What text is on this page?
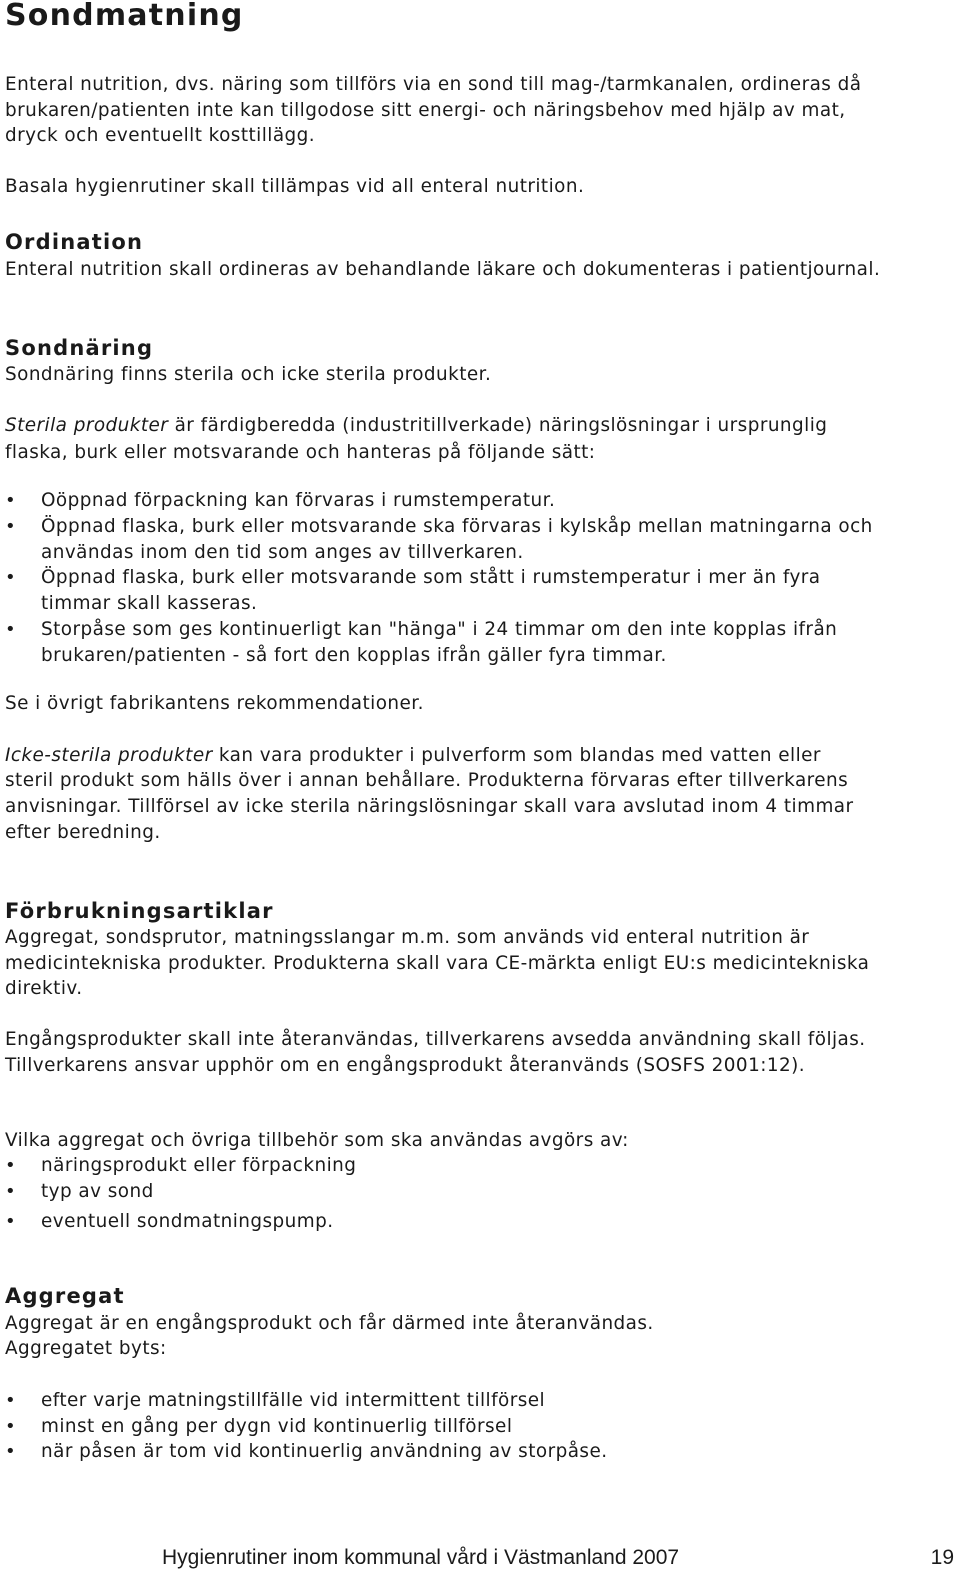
Sondmatning
Enteral nutrition, dvs. näring som tillförs via en sond till mag-/tarmkanalen, ordineras då
brukaren/patienten inte kan tillgodose sitt energi- och näringsbehov med hjälp av mat,
dryck och eventuellt kosttillägg.
Basala hygienrutiner skall tillämpas vid all enteral nutrition.
Ordination
Enteral nutrition skall ordineras av behandlande läkare och dokumenteras i patientjournal.
Sondnäring
Sondnäring finns sterila och icke sterila produkter.
Sterila produkter är färdigberedda (industritillverkade) näringslösningar i ursprunglig
flaska, burk eller motsvarande och hanteras på följande sätt:
• Oöppnad förpackning kan förvaras i rumstemperatur.
• Öppnad flaska, burk eller motsvarande ska förvaras i kylskåp mellan matningarna och
användas inom den tid som anges av tillverkaren.
• Öppnad flaska, burk eller motsvarande som stått i rumstemperatur i mer än fyra
timmar skall kasseras.
• Storpåse som ges kontinuerligt kan "hänga" i 24 timmar om den inte kopplas ifrån
brukaren/patienten - så fort den kopplas ifrån gäller fyra timmar.
Se i övrigt fabrikantens rekommendationer.
Icke-sterila produkter kan vara produkter i pulverform som blandas med vatten eller
steril produkt som hälls över i annan behållare. Produkterna förvaras efter tillverkarens
anvisningar. Tillförsel av icke sterila näringslösningar skall vara avslutad inom 4 timmar
efter beredning.
Förbrukningsartiklar
Aggregat, sondsprutor, matningsslangar m.m. som används vid enteral nutrition är
medicintekniska produkter. Produkterna skall vara CE-märkta enligt EU:s medicintekniska
direktiv.
Engångsprodukter skall inte återanvändas, tillverkarens avsedda användning skall följas.
Tillverkarens ansvar upphör om en engångsprodukt återanvänds (SOSFS 2001:12).
Vilka aggregat och övriga tillbehör som ska användas avgörs av:
• näringsprodukt eller förpackning
• typ av sond
• eventuell sondmatningspump.
Aggregat
Aggregat är en engångsprodukt och får därmed inte återanvändas.
Aggregatet byts:
• efter varje matningstillfälle vid intermittent tillförsel
• minst en gång per dygn vid kontinuerlig tillförsel
• när påsen är tom vid kontinuerlig användning av storpåse.
Hygienrutiner inom kommunal vård i Västmanland 2007	19
